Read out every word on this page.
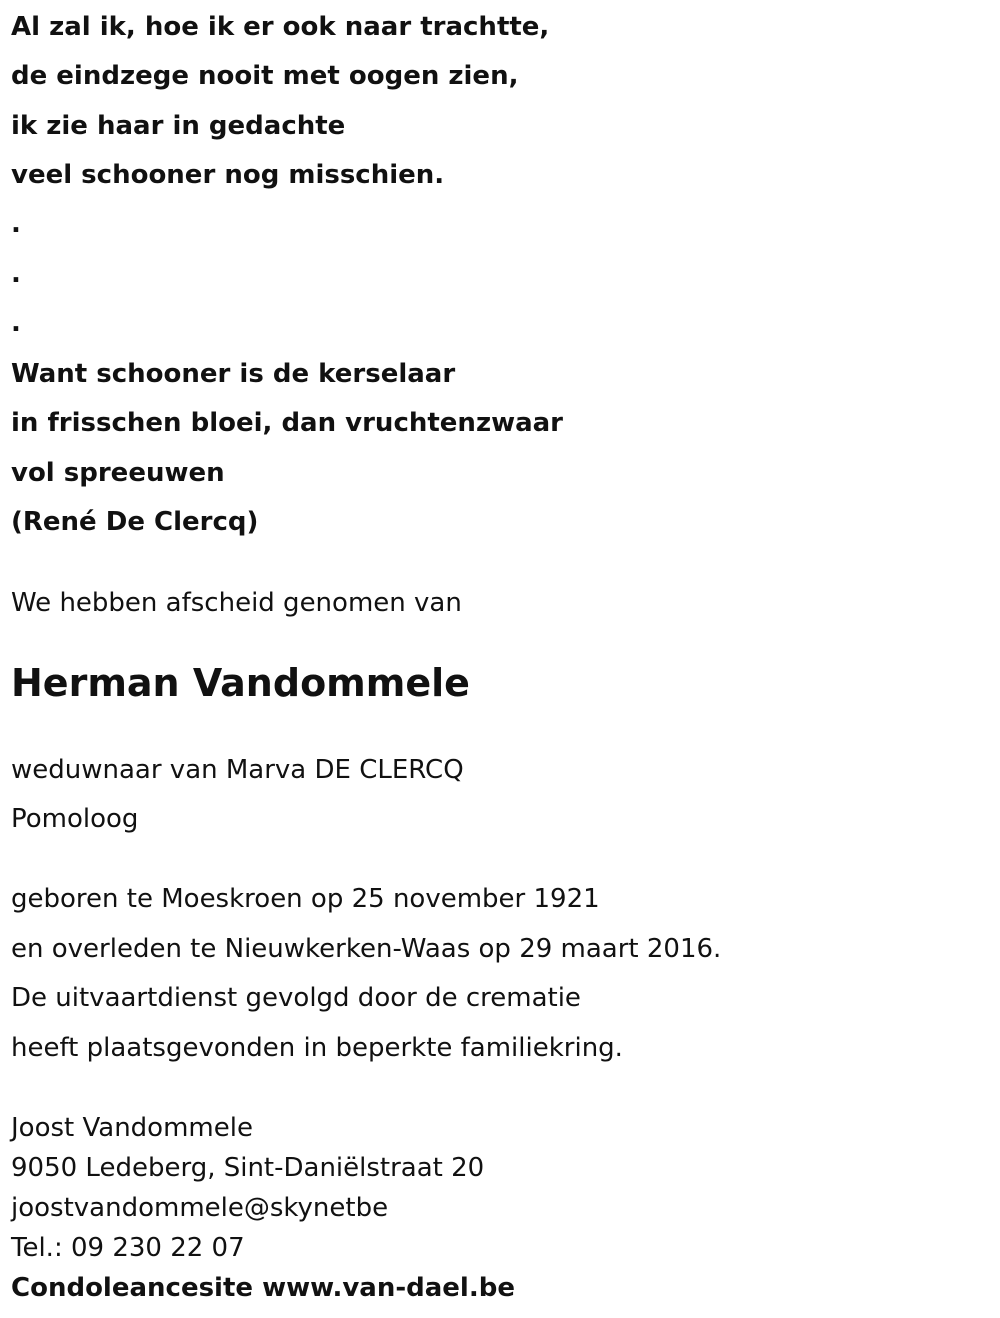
Al zal ik, hoe ik er ook naar trachtte,
de eindzege nooit met oogen zien,
ik zie haar in gedachte
veel schooner nog misschien.
.
.
.
Want schooner is de kerselaar
in frisschen bloei, dan vruchtenzwaar
vol spreeuwen
(René De Clercq)
We hebben afscheid genomen van
Herman Vandommele
weduwnaar van Marva DE CLERCQ
Pomoloog
geboren te Moeskroen op 25 november 1921
en overleden te Nieuwkerken-Waas op 29 maart 2016.
De uitvaartdienst gevolgd door de crematie
heeft plaatsgevonden in beperkte familiekring.
Joost Vandommele
9050 Ledeberg, Sint-Daniëlstraat 20
joostvandommele@skynetbe
Tel.: 09 230 22 07
Condoleancesite www.van-dael.be
